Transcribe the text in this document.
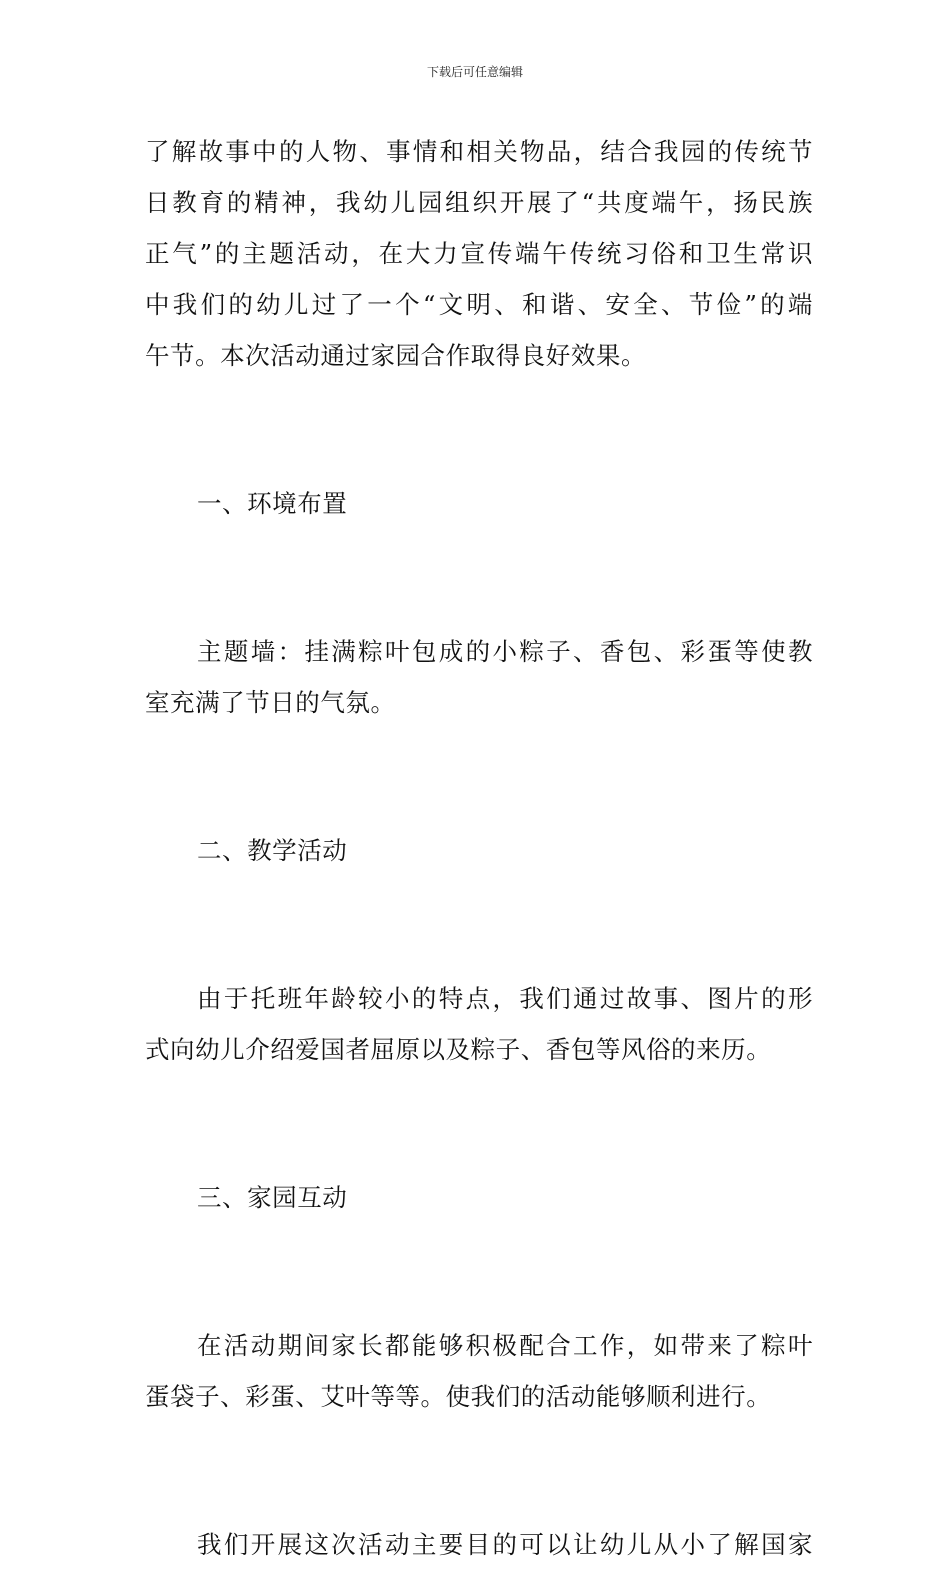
下载后可任意编辑

了解故事中的人物、事情和相关物品，结合我园的传统节
日教育的精神，我幼儿园组织开展了“共度端午，扬民族
正气”的主题活动，在大力宣传端午传统习俗和卫生常识
中我们的幼儿过了一个“文明、和谐、安全、节俭”的端
午节。本次活动通过家园合作取得良好效果。

一、环境布置

主题墙：挂满粽叶包成的小粽子、香包、彩蛋等使教
室充满了节日的气氛。

二、教学活动

由于托班年龄较小的特点，我们通过故事、图片的形
式向幼儿介绍爱国者屈原以及粽子、香包等风俗的来历。

三、家园互动

在活动期间家长都能够积极配合工作，如带来了粽叶
蛋袋子、彩蛋、艾叶等等。使我们的活动能够顺利进行。

我们开展这次活动主要目的可以让幼儿从小了解国家
